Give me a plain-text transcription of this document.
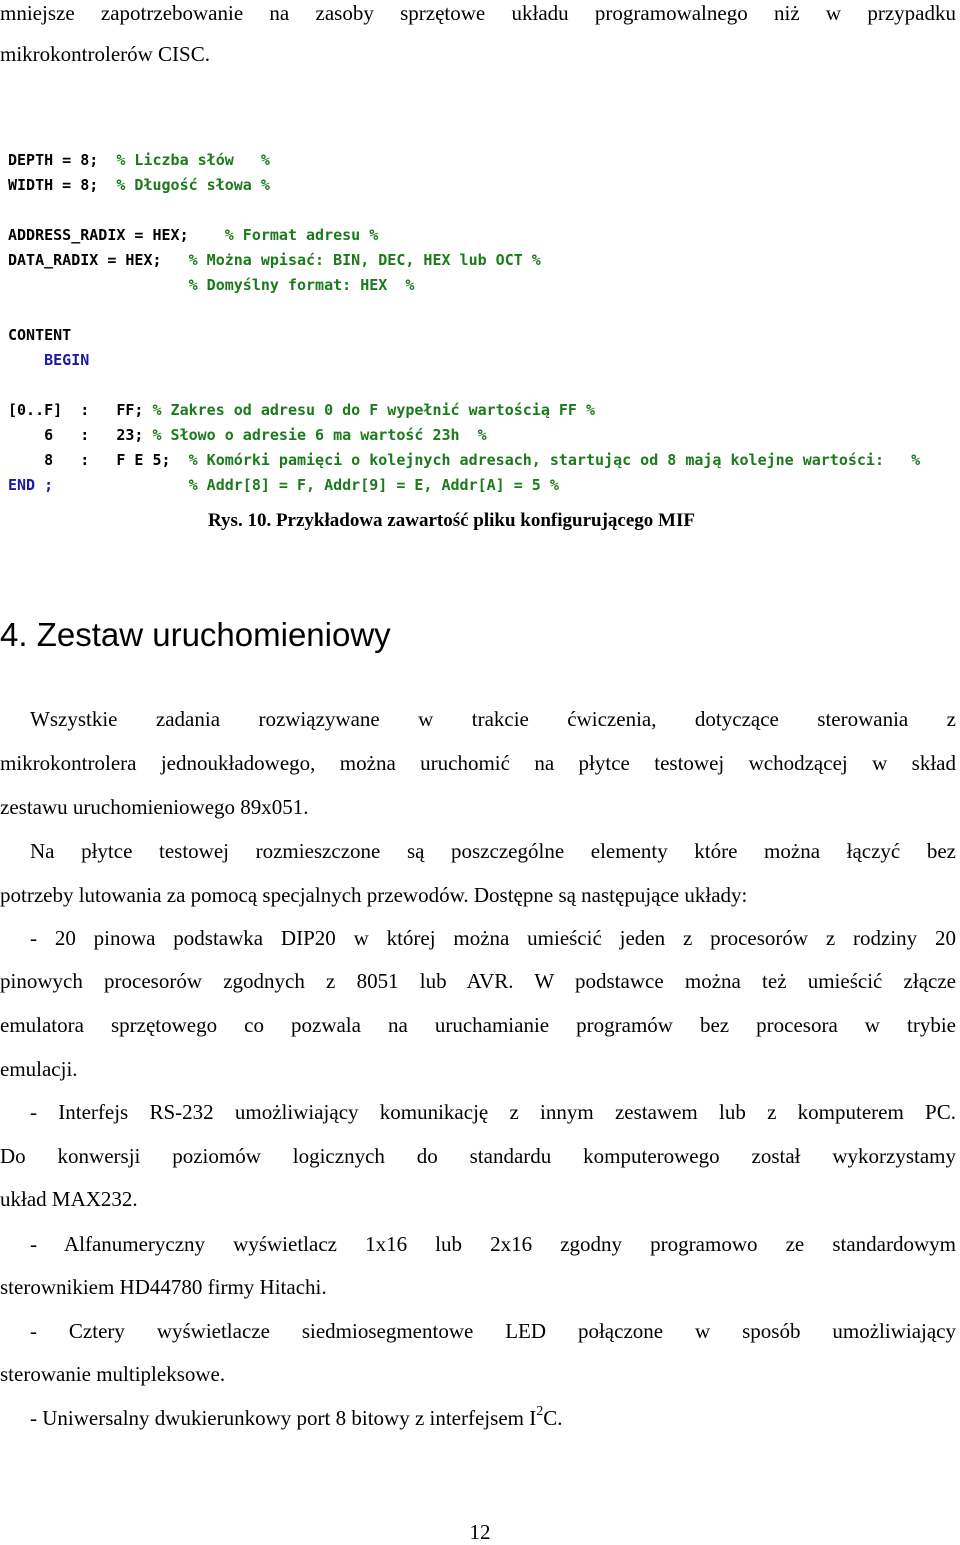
mniejsze zapotrzebowanie na zasoby sprzętowe układu programowalnego niż w przypadku
mikrokontrolerów CISC.
DEPTH = 8;  % Liczba słów   %
WIDTH = 8;  % Długość słowa %
ADDRESS_RADIX = HEX;    % Format adresu %
DATA_RADIX = HEX;   % Można wpisać: BIN, DEC, HEX lub OCT %
% Domyślny format: HEX  %
CONTENT
BEGIN
[0..F]  :   FF; % Zakres od adresu 0 do F wypełnić wartością FF %
6   :   23; % Słowo o adresie 6 ma wartość 23h  %
8   :   F E 5;  % Komórki pamięci o kolejnych adresach, startując od 8 mają kolejne wartości:   %
END ;               % Addr[8] = F, Addr[9] = E, Addr[A] = 5 %
Rys. 10. Przykładowa zawartość pliku konfigurującego MIF
4. Zestaw uruchomieniowy
Wszystkie zadania rozwiązywane w trakcie ćwiczenia, dotyczące sterowania z
mikrokontrolera jednoukładowego, można uruchomić na płytce testowej wchodzącej w skład
zestawu uruchomieniowego 89x051.
Na płytce testowej rozmieszczone są poszczególne elementy które można łączyć bez
potrzeby lutowania za pomocą specjalnych przewodów. Dostępne są następujące układy:
- 20 pinowa podstawka DIP20 w której można umieścić jeden z procesorów z rodziny 20
pinowych procesorów zgodnych z 8051 lub AVR. W podstawce można też umieścić złącze
emulatora sprzętowego co pozwala na uruchamianie programów bez procesora w trybie
emulacji.
- Interfejs RS-232 umożliwiający komunikację z innym zestawem lub z komputerem PC.
Do konwersji poziomów logicznych do standardu komputerowego został wykorzystamy
układ MAX232.
- Alfanumeryczny wyświetlacz 1x16 lub 2x16 zgodny programowo ze standardowym
sterownikiem HD44780 firmy Hitachi.
- Cztery wyświetlacze siedmiosegmentowe LED połączone w sposób umożliwiający
sterowanie multipleksowe.
- Uniwersalny dwukierunkowy port 8 bitowy z interfejsem $I^2C$.
12
